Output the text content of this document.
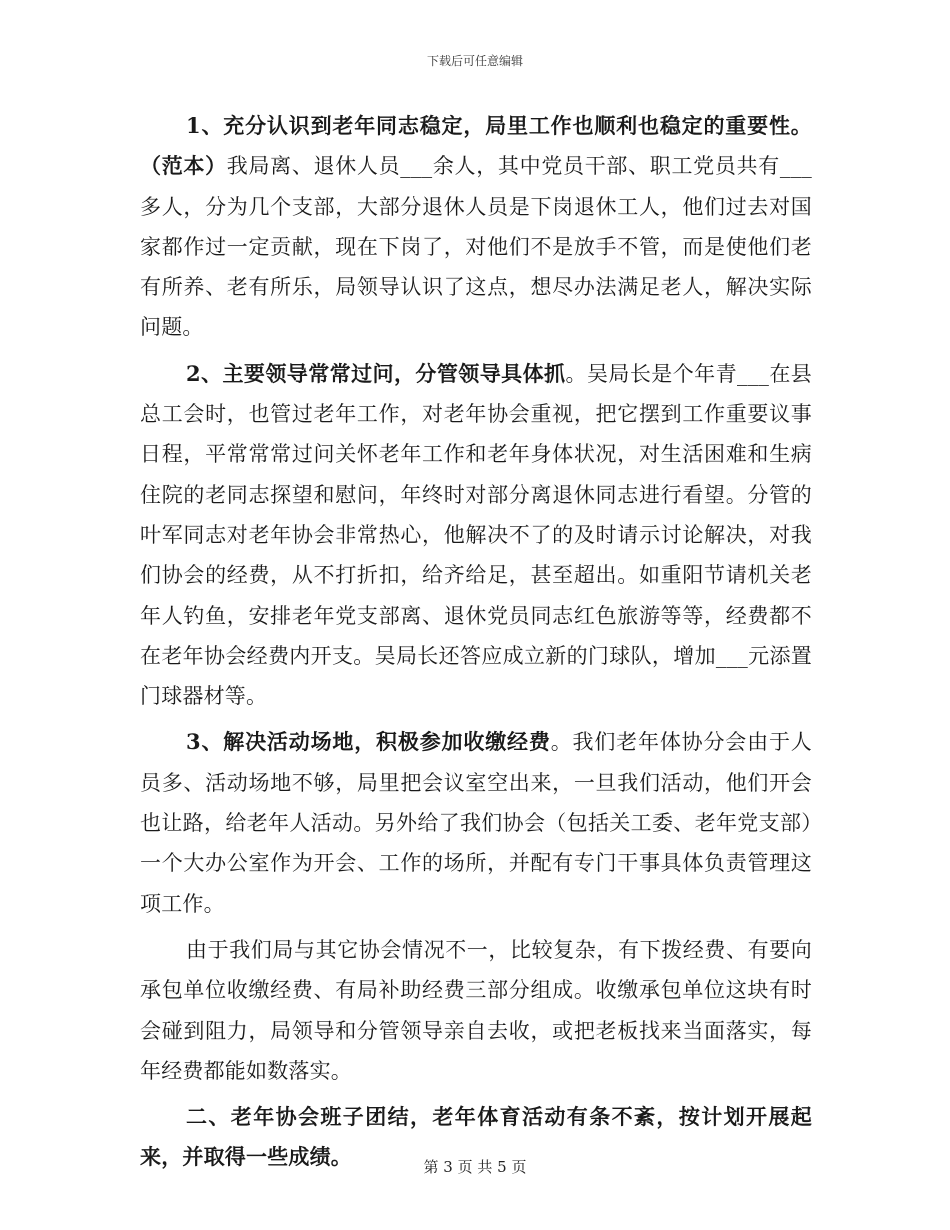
下载后可任意编辑

1、充分认识到老年同志稳定，局里工作也顺利也稳定的重要性。（范本）我局离、退休人员___余人，其中党员干部、职工党员共有___多人，分为几个支部，大部分退休人员是下岗退休工人，他们过去对国家都作过一定贡献，现在下岗了，对他们不是放手不管，而是使他们老有所养、老有所乐，局领导认识了这点，想尽办法满足老人，解决实际问题。

2、主要领导常常过问，分管领导具体抓。吴局长是个年青___在县总工会时，也管过老年工作，对老年协会重视，把它摆到工作重要议事日程，平常常常过问关怀老年工作和老年身体状况，对生活困难和生病住院的老同志探望和慰问，年终时对部分离退休同志进行看望。分管的叶军同志对老年协会非常热心，他解决不了的及时请示讨论解决，对我们协会的经费，从不打折扣，给齐给足，甚至超出。如重阳节请机关老年人钓鱼，安排老年党支部离、退休党员同志红色旅游等等，经费都不在老年协会经费内开支。吴局长还答应成立新的门球队，增加___元添置门球器材等。

3、解决活动场地，积极参加收缴经费。我们老年体协分会由于人员多、活动场地不够，局里把会议室空出来，一旦我们活动，他们开会也让路，给老年人活动。另外给了我们协会（包括关工委、老年党支部）一个大办公室作为开会、工作的场所，并配有专门干事具体负责管理这项工作。

由于我们局与其它协会情况不一，比较复杂，有下拨经费、有要向承包单位收缴经费、有局补助经费三部分组成。收缴承包单位这块有时会碰到阻力，局领导和分管领导亲自去收，或把老板找来当面落实，每年经费都能如数落实。

二、老年协会班子团结，老年体育活动有条不紊，按计划开展起来，并取得一些成绩。	第 3 页 共 5 页
